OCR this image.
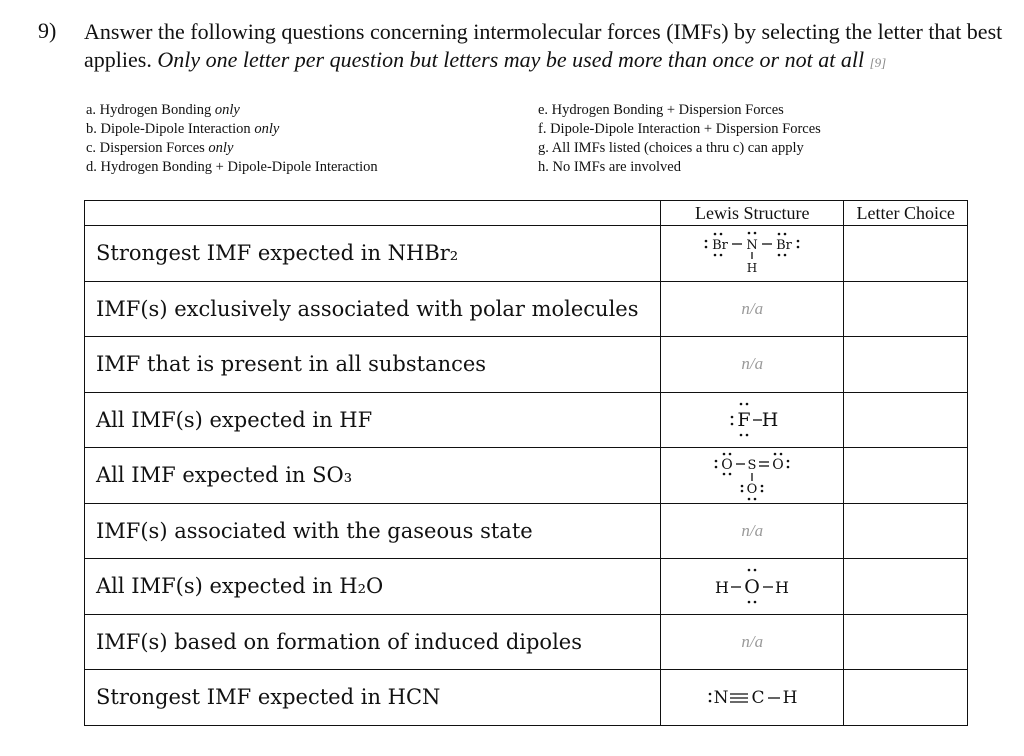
9) Answer the following questions concerning intermolecular forces (IMFs) by selecting the letter that best applies. Only one letter per question but letters may be used more than once or not at all [9]
a. Hydrogen Bonding only
b. Dipole-Dipole Interaction only
c. Dispersion Forces only
d. Hydrogen Bonding + Dipole-Dipole Interaction
e. Hydrogen Bonding + Dispersion Forces
f. Dipole-Dipole Interaction + Dispersion Forces
g. All IMFs listed (choices a thru c) can apply
h. No IMFs are involved
	Lewis Structure	Letter Choice
Strongest IMF expected in NHBr₂	Br N Br
H	

IMF(s) exclusively associated with polar molecules	n/a	
IMF that is present in all substances	n/a	
All IMF(s) expected in HF	F H	

All IMF expected in SO₃	O S O
O	

IMF(s) associated with the gaseous state	n/a	
All IMF(s) expected in H₂O	H O H	

IMF(s) based on formation of induced dipoles	n/a	
Strongest IMF expected in HCN	N C H	
